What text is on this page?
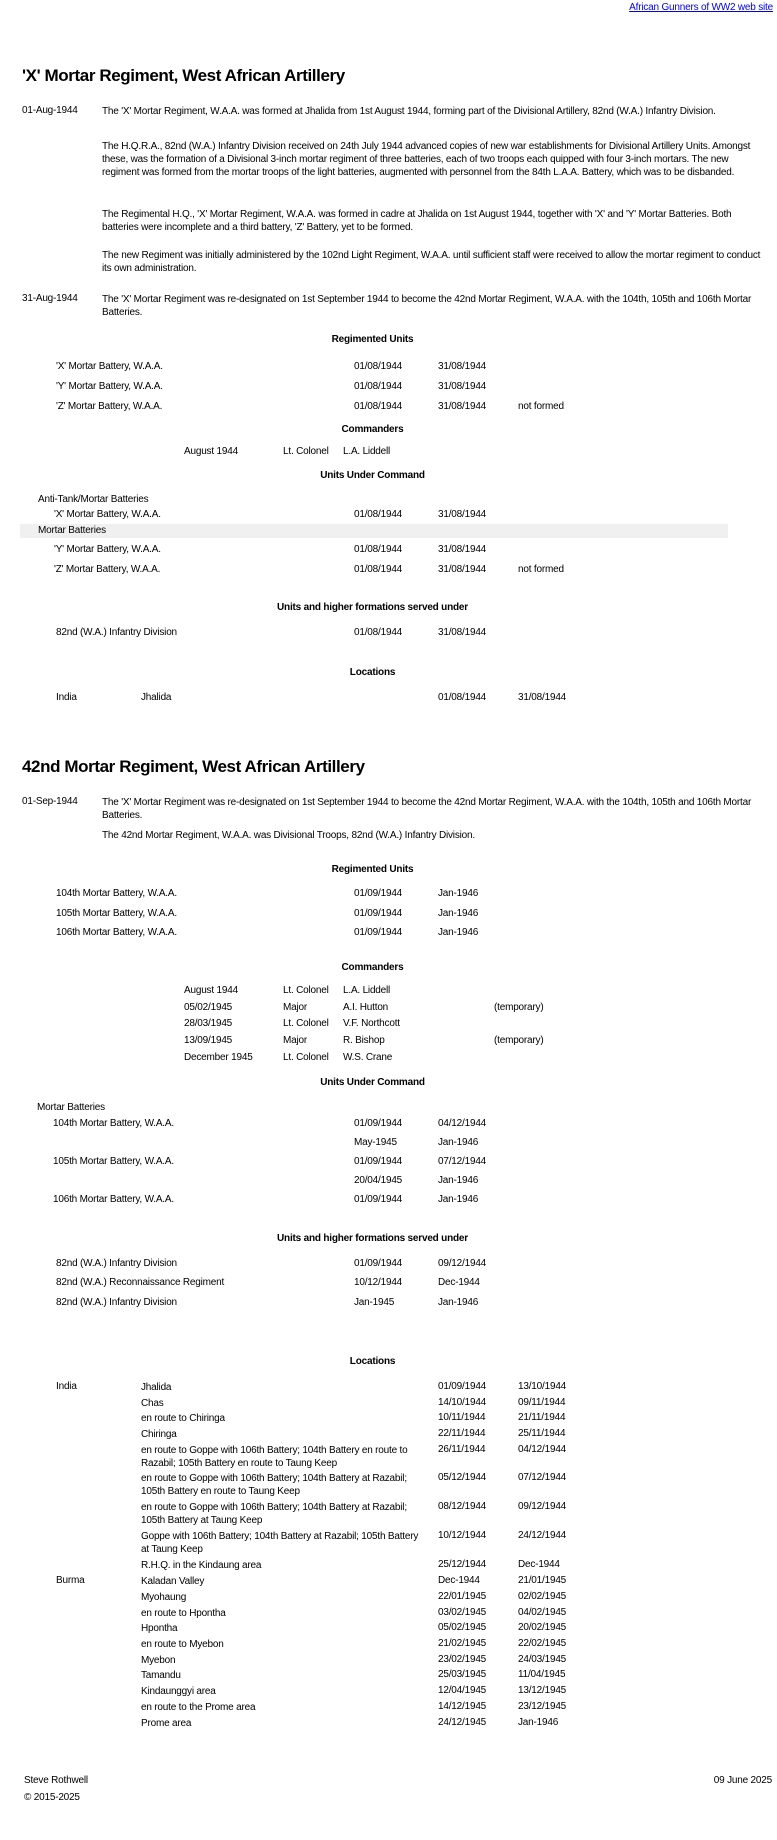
African Gunners of WW2 web site
'X' Mortar Regiment, West African Artillery
01-Aug-1944 The 'X' Mortar Regiment, W.A.A. was formed at Jhalida from 1st August 1944, forming part of the Divisional Artillery, 82nd (W.A.) Infantry Division.
The H.Q.R.A., 82nd (W.A.) Infantry Division received on 24th July 1944 advanced copies of new war establishments for Divisional Artillery Units. Amongst these, was the formation of a Divisional 3-inch mortar regiment of three batteries, each of two troops each quipped with four 3-inch mortars. The new regiment was formed from the mortar troops of the light batteries, augmented with personnel from the 84th L.A.A. Battery, which was to be disbanded.
The Regimental H.Q., 'X' Mortar Regiment, W.A.A. was formed in cadre at Jhalida on 1st August 1944, together with 'X' and 'Y' Mortar Batteries. Both batteries were incomplete and a third battery, 'Z' Battery, yet to be formed.
The new Regiment was initially administered by the 102nd Light Regiment, W.A.A. until sufficient staff were received to allow the mortar regiment to conduct its own administration.
31-Aug-1944 The 'X' Mortar Regiment was re-designated on 1st September 1944 to become the 42nd Mortar Regiment, W.A.A. with the 104th, 105th and 106th Mortar Batteries.
Regimented Units
'X' Mortar Battery, W.A.A.	01/08/1944	31/08/1944
'Y' Mortar Battery, W.A.A.	01/08/1944	31/08/1944
'Z' Mortar Battery, W.A.A.	01/08/1944	31/08/1944	not formed
Commanders
August 1944	Lt. Colonel L.A. Liddell
Units Under Command
Anti-Tank/Mortar Batteries
'X' Mortar Battery, W.A.A.	01/08/1944	31/08/1944
Mortar Batteries
'Y' Mortar Battery, W.A.A.	01/08/1944	31/08/1944
'Z' Mortar Battery, W.A.A.	01/08/1944	31/08/1944	not formed
Units and higher formations served under
82nd (W.A.) Infantry Division	01/08/1944	31/08/1944
Locations
India	Jhalida	01/08/1944	31/08/1944
42nd Mortar Regiment, West African Artillery
01-Sep-1944 The 'X' Mortar Regiment was re-designated on 1st September 1944 to become the 42nd Mortar Regiment, W.A.A. with the 104th, 105th and 106th Mortar Batteries.
The 42nd Mortar Regiment, W.A.A. was Divisional Troops, 82nd (W.A.) Infantry Division.
Regimented Units
104th Mortar Battery, W.A.A.	01/09/1944	Jan-1946
105th Mortar Battery, W.A.A.	01/09/1944	Jan-1946
106th Mortar Battery, W.A.A.	01/09/1944	Jan-1946
Commanders
August 1944	Lt. Colonel L.A. Liddell
05/02/1945	Major	A.I. Hutton	(temporary)
28/03/1945	Lt. Colonel V.F. Northcott
13/09/1945	Major	R. Bishop	(temporary)
December 1945	Lt. Colonel W.S. Crane
Units Under Command
Mortar Batteries
104th Mortar Battery, W.A.A.	01/09/1944	04/12/1944
May-1945	Jan-1946
105th Mortar Battery, W.A.A.	01/09/1944	07/12/1944
20/04/1945	Jan-1946
106th Mortar Battery, W.A.A.	01/09/1944	Jan-1946
Units and higher formations served under
82nd (W.A.) Infantry Division	01/09/1944	09/12/1944
82nd (W.A.) Reconnaissance Regiment	10/12/1944	Dec-1944
82nd (W.A.) Infantry Division	Jan-1945	Jan-1946
Locations
India	Jhalida	01/09/1944	13/10/1944
Chas	14/10/1944	09/11/1944
en route to Chiringa	10/11/1944	21/11/1944
Chiringa	22/11/1944	25/11/1944
en route to Goppe with 106th Battery; 104th Battery en route to Razabil; 105th Battery en route to Taung Keep
26/11/1944	04/12/1944
en route to Goppe with 106th Battery; 104th Battery at Razabil; 105th Battery en route to Taung Keep
05/12/1944	07/12/1944
en route to Goppe with 106th Battery; 104th Battery at Razabil; 105th Battery at Taung Keep
08/12/1944	09/12/1944
Goppe with 106th Battery; 104th Battery at Razabil; 105th Battery at Taung Keep
10/12/1944	24/12/1944
R.H.Q. in the Kindaung area	25/12/1944	Dec-1944
Burma	Kaladan Valley	Dec-1944	21/01/1945
Myohaung	22/01/1945	02/02/1945
en route to Hpontha	03/02/1945	04/02/1945
Hpontha	05/02/1945	20/02/1945
en route to Myebon	21/02/1945	22/02/1945
Myebon	23/02/1945	24/03/1945
Tamandu	25/03/1945	11/04/1945
Kindaunggyi area	12/04/1945	13/12/1945
en route to the Prome area	14/12/1945	23/12/1945
Prome area	24/12/1945	Jan-1946
Steve Rothwell
© 2015-2025
09 June 2025
